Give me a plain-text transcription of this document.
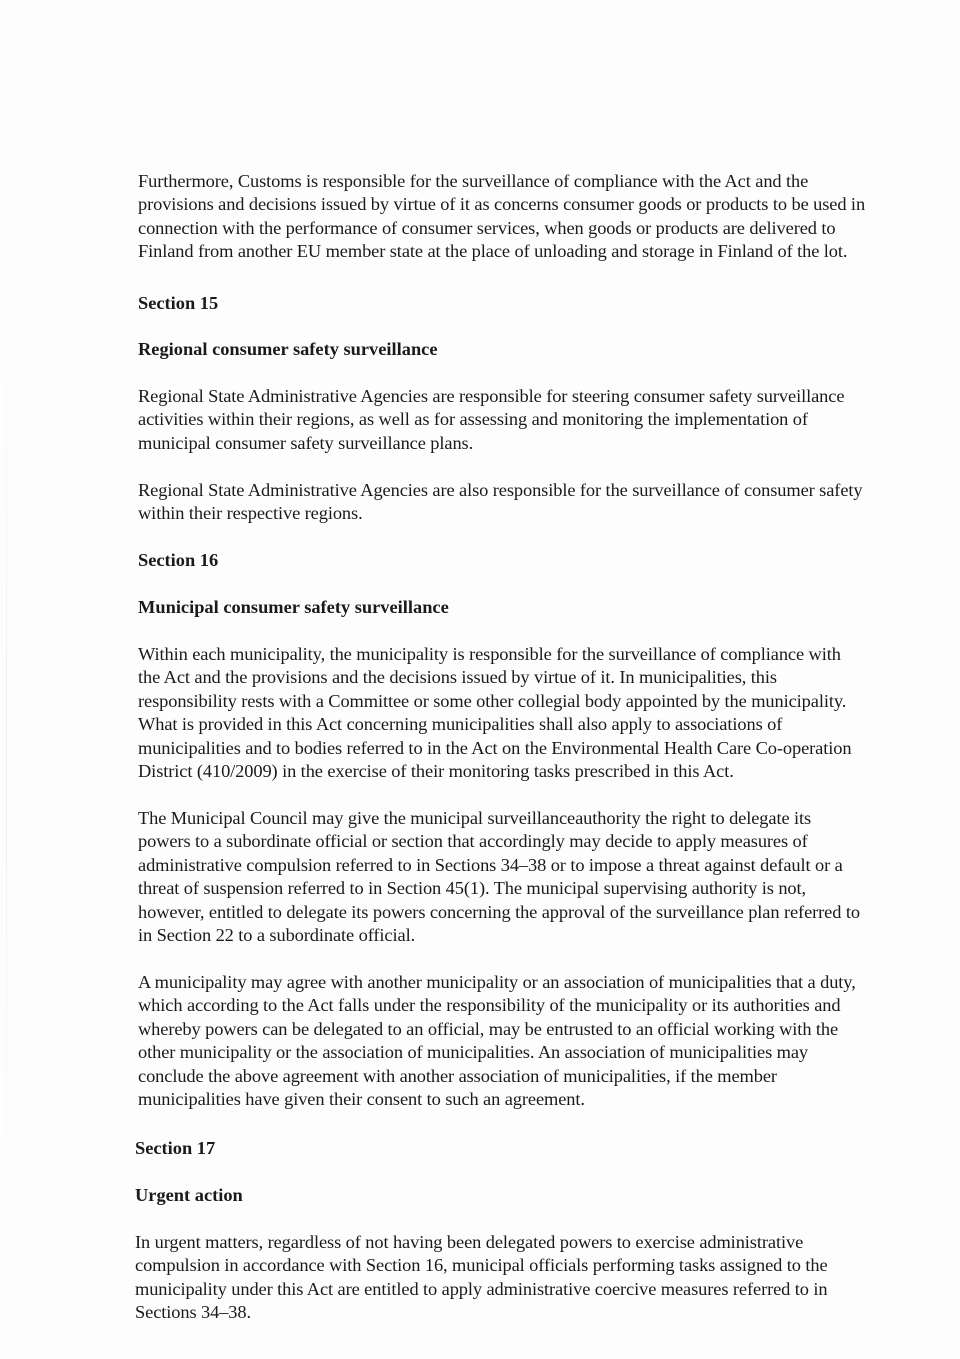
Furthermore, Customs is responsible for the surveillance of compliance with the Act and the
provisions and decisions issued by virtue of it as concerns consumer goods or products to be used in
connection with the performance of consumer services, when goods or products are delivered to
Finland from another EU member state at the place of unloading and storage in Finland of the lot.
Section 15
Regional consumer safety surveillance
Regional State Administrative Agencies are responsible for steering consumer safety surveillance
activities within their regions, as well as for assessing and monitoring the implementation of
municipal consumer safety surveillance plans.
Regional State Administrative Agencies are also responsible for the surveillance of consumer safety
within their respective regions.
Section 16
Municipal consumer safety surveillance
Within each municipality, the municipality is responsible for the surveillance of compliance with
the Act and the provisions and the decisions issued by virtue of it. In municipalities, this
responsibility rests with a Committee or some other collegial body appointed by the municipality.
What is provided in this Act concerning municipalities shall also apply to associations of
municipalities and to bodies referred to in the Act on the Environmental Health Care Co-operation
District (410/2009) in the exercise of their monitoring tasks prescribed in this Act.
The Municipal Council may give the municipal surveillanceauthority the right to delegate its
powers to a subordinate official or section that accordingly may decide to apply measures of
administrative compulsion referred to in Sections 34–38 or to impose a threat against default or a
threat of suspension referred to in Section 45(1). The municipal supervising authority is not,
however, entitled to delegate its powers concerning the approval of the surveillance plan referred to
in Section 22 to a subordinate official.
A municipality may agree with another municipality or an association of municipalities that a duty,
which according to the Act falls under the responsibility of the municipality or its authorities and
whereby powers can be delegated to an official, may be entrusted to an official working with the
other municipality or the association of municipalities. An association of municipalities may
conclude the above agreement with another association of municipalities, if the member
municipalities have given their consent to such an agreement.
Section 17
Urgent action
In urgent matters, regardless of not having been delegated powers to exercise administrative
compulsion in accordance with Section 16, municipal officials performing tasks assigned to the
municipality under this Act are entitled to apply administrative coercive measures referred to in
Sections 34–38.
